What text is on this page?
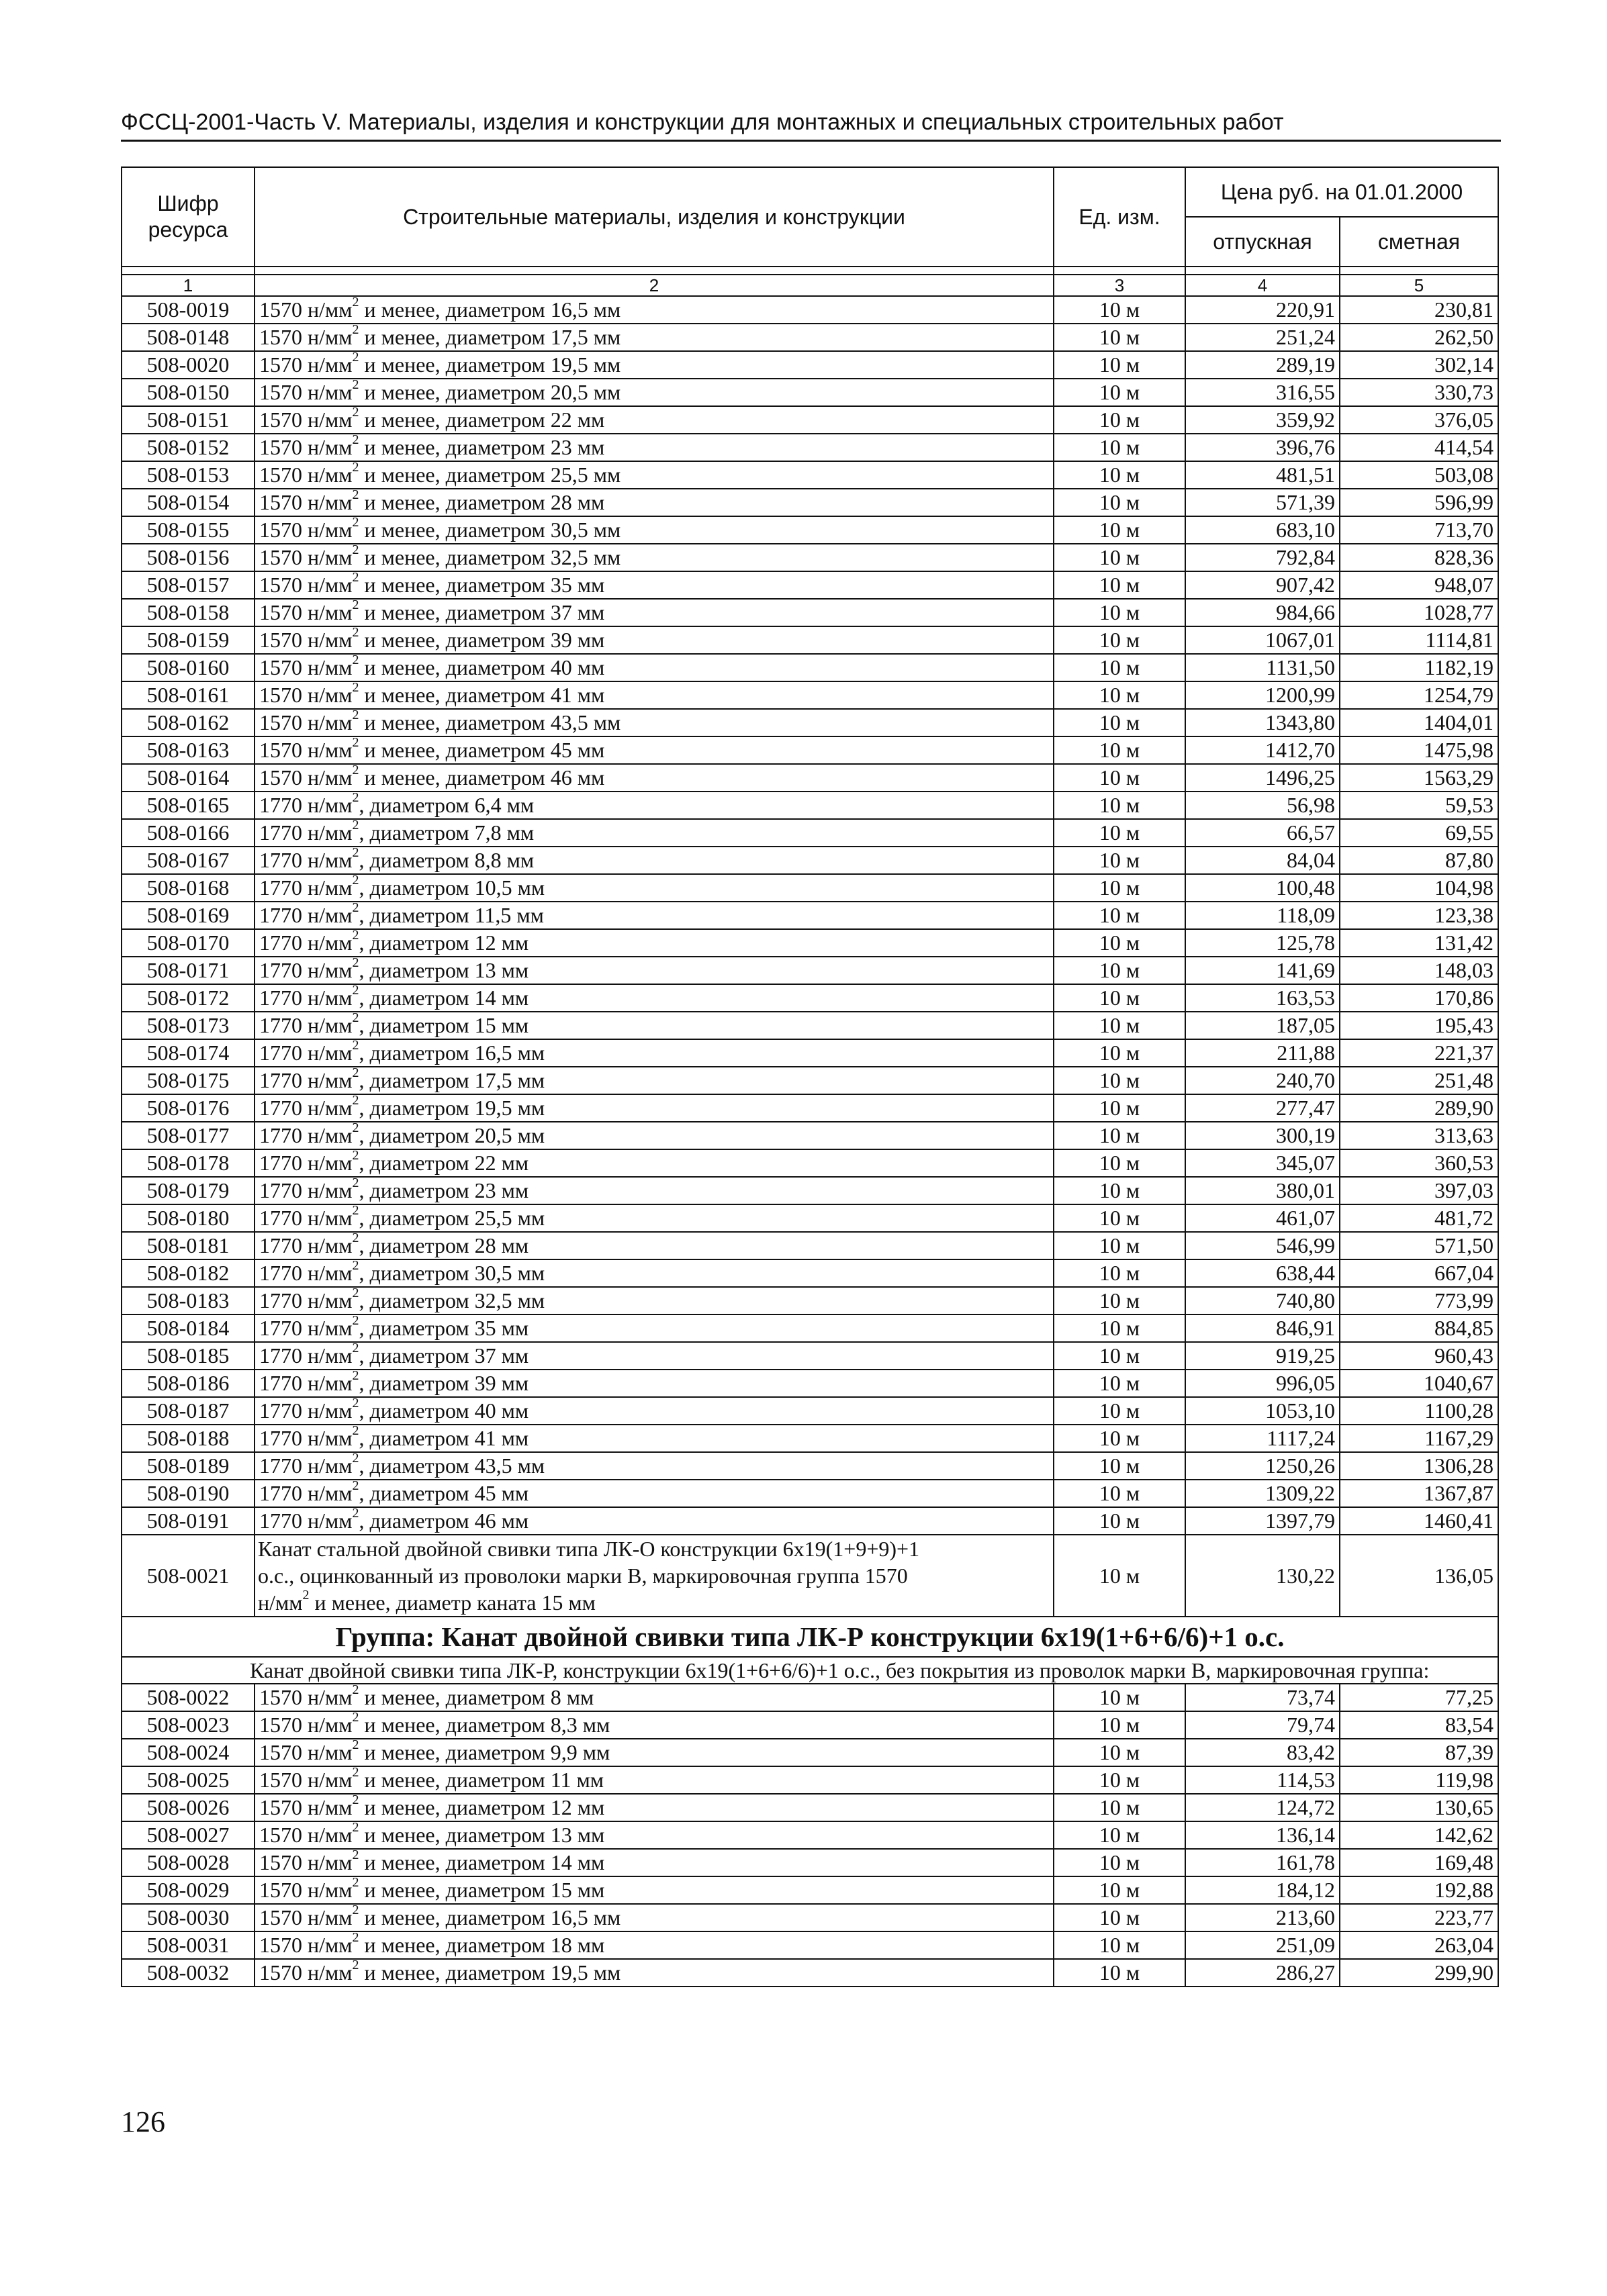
ФССЦ-2001-Часть V. Материалы, изделия и конструкции для монтажных и специальных строительных работ
Шифр ресурса	Строительные материалы, изделия и конструкции	Ед. изм.	Цена руб. на 01.01.2000	
			отпускная	сметная

1	2	3	4	5
508-0019	1570 $н/мм^2$ и менее, диаметром 16,5 мм	10 м	220,91	230,81
508-0148	1570 $н/мм^2$ и менее, диаметром 17,5 мм	10 м	251,24	262,50
508-0020	1570 $н/мм^2$ и менее, диаметром 19,5 мм	10 м	289,19	302,14
508-0150	1570 $н/мм^2$ и менее, диаметром 20,5 мм	10 м	316,55	330,73
508-0151	1570 $н/мм^2$ и менее, диаметром 22 мм	10 м	359,92	376,05
508-0152	1570 $н/мм^2$ и менее, диаметром 23 мм	10 м	396,76	414,54
508-0153	1570 $н/мм^2$ и менее, диаметром 25,5 мм	10 м	481,51	503,08
508-0154	1570 $н/мм^2$ и менее, диаметром 28 мм	10 м	571,39	596,99
508-0155	1570 $н/мм^2$ и менее, диаметром 30,5 мм	10 м	683,10	713,70
508-0156	1570 $н/мм^2$ и менее, диаметром 32,5 мм	10 м	792,84	828,36
508-0157	1570 $н/мм^2$ и менее, диаметром 35 мм	10 м	907,42	948,07
508-0158	1570 $н/мм^2$ и менее, диаметром 37 мм	10 м	984,66	1028,77
508-0159	1570 $н/мм^2$ и менее, диаметром 39 мм	10 м	1067,01	1114,81
508-0160	1570 $н/мм^2$ и менее, диаметром 40 мм	10 м	1131,50	1182,19
508-0161	1570 $н/мм^2$ и менее, диаметром 41 мм	10 м	1200,99	1254,79
508-0162	1570 $н/мм^2$ и менее, диаметром 43,5 мм	10 м	1343,80	1404,01
508-0163	1570 $н/мм^2$ и менее, диаметром 45 мм	10 м	1412,70	1475,98
508-0164	1570 $н/мм^2$ и менее, диаметром 46 мм	10 м	1496,25	1563,29
508-0165	1770 $н/мм^2$, диаметром 6,4 мм	10 м	56,98	59,53
508-0166	1770 $н/мм^2$, диаметром 7,8 мм	10 м	66,57	69,55
508-0167	1770 $н/мм^2$, диаметром 8,8 мм	10 м	84,04	87,80
508-0168	1770 $н/мм^2$, диаметром 10,5 мм	10 м	100,48	104,98
508-0169	1770 $н/мм^2$, диаметром 11,5 мм	10 м	118,09	123,38
508-0170	1770 $н/мм^2$, диаметром 12 мм	10 м	125,78	131,42
508-0171	1770 $н/мм^2$, диаметром 13 мм	10 м	141,69	148,03
508-0172	1770 $н/мм^2$, диаметром 14 мм	10 м	163,53	170,86
508-0173	1770 $н/мм^2$, диаметром 15 мм	10 м	187,05	195,43
508-0174	1770 $н/мм^2$, диаметром 16,5 мм	10 м	211,88	221,37
508-0175	1770 $н/мм^2$, диаметром 17,5 мм	10 м	240,70	251,48
508-0176	1770 $н/мм^2$, диаметром 19,5 мм	10 м	277,47	289,90
508-0177	1770 $н/мм^2$, диаметром 20,5 мм	10 м	300,19	313,63
508-0178	1770 $н/мм^2$, диаметром 22 мм	10 м	345,07	360,53
508-0179	1770 $н/мм^2$, диаметром 23 мм	10 м	380,01	397,03
508-0180	1770 $н/мм^2$, диаметром 25,5 мм	10 м	461,07	481,72
508-0181	1770 $н/мм^2$, диаметром 28 мм	10 м	546,99	571,50
508-0182	1770 $н/мм^2$, диаметром 30,5 мм	10 м	638,44	667,04
508-0183	1770 $н/мм^2$, диаметром 32,5 мм	10 м	740,80	773,99
508-0184	1770 $н/мм^2$, диаметром 35 мм	10 м	846,91	884,85
508-0185	1770 $н/мм^2$, диаметром 37 мм	10 м	919,25	960,43
508-0186	1770 $н/мм^2$, диаметром 39 мм	10 м	996,05	1040,67
508-0187	1770 $н/мм^2$, диаметром 40 мм	10 м	1053,10	1100,28
508-0188	1770 $н/мм^2$, диаметром 41 мм	10 м	1117,24	1167,29
508-0189	1770 $н/мм^2$, диаметром 43,5 мм	10 м	1250,26	1306,28
508-0190	1770 $н/мм^2$, диаметром 45 мм	10 м	1309,22	1367,87
508-0191	1770 $н/мм^2$, диаметром 46 мм	10 м	1397,79	1460,41
508-0021	Канат стальной двойной свивки типа ЛК-О конструкции 6х19(1+9+9)+1
о.с., оцинкованный из проволоки марки В, маркировочная группа 1570
$н/мм^2$ и менее, диаметр каната 15 мм	10 м	130,22	136,05
Группа: Канат двойной свивки типа ЛК-Р конструкции 6х19(1+6+6/6)+1 о.с.				
Канат двойной свивки типа ЛК-Р, конструкции 6х19(1+6+6/6)+1 о.с., без покрытия из проволок марки В, маркировочная группа:				
508-0022	1570 $н/мм^2$ и менее, диаметром 8 мм	10 м	73,74	77,25
508-0023	1570 $н/мм^2$ и менее, диаметром 8,3 мм	10 м	79,74	83,54
508-0024	1570 $н/мм^2$ и менее, диаметром 9,9 мм	10 м	83,42	87,39
508-0025	1570 $н/мм^2$ и менее, диаметром 11 мм	10 м	114,53	119,98
508-0026	1570 $н/мм^2$ и менее, диаметром 12 мм	10 м	124,72	130,65
508-0027	1570 $н/мм^2$ и менее, диаметром 13 мм	10 м	136,14	142,62
508-0028	1570 $н/мм^2$ и менее, диаметром 14 мм	10 м	161,78	169,48
508-0029	1570 $н/мм^2$ и менее, диаметром 15 мм	10 м	184,12	192,88
508-0030	1570 $н/мм^2$ и менее, диаметром 16,5 мм	10 м	213,60	223,77
508-0031	1570 $н/мм^2$ и менее, диаметром 18 мм	10 м	251,09	263,04
508-0032	1570 $н/мм^2$ и менее, диаметром 19,5 мм	10 м	286,27	299,90
126
